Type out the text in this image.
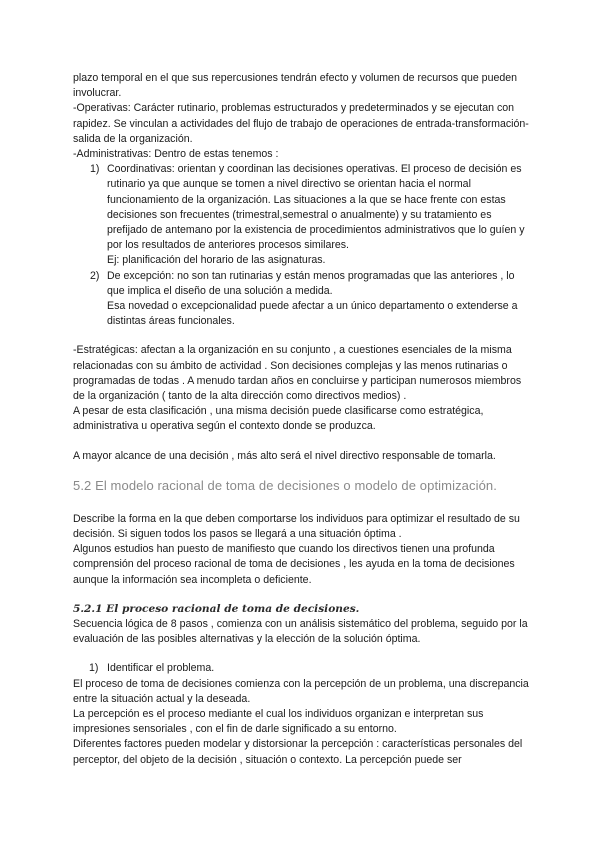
plazo temporal en el que sus repercusiones tendrán efecto y volumen de recursos que pueden involucrar.

-Operativas: Carácter rutinario, problemas estructurados y predeterminados y se ejecutan con rapidez. Se vinculan a actividades del flujo de trabajo de operaciones de entrada-transformación-salida de la organización.

-Administrativas: Dentro de estas tenemos :

1) Coordinativas: orientan y coordinan las decisiones operativas. El proceso de decisión es rutinario ya que aunque se tomen a nivel directivo se orientan hacia el normal funcionamiento de la organización. Las situaciones a la que se hace frente con estas decisiones son frecuentes (trimestral,semestral o anualmente) y su tratamiento es prefijado de antemano por la existencia de procedimientos administrativos que lo guíen y por los resultados de anteriores procesos similares.

Ej: planificación del horario de las asignaturas.

2) De excepción: no son tan rutinarias y están menos programadas que las anteriores , lo que implica el diseño de una solución a medida.

Esa novedad o excepcionalidad puede afectar a un único departamento o extenderse a distintas áreas funcionales.

-Estratégicas: afectan a la organización en su conjunto , a cuestiones esenciales de la misma relacionadas con su ámbito de actividad . Son decisiones complejas y las menos rutinarias o programadas de todas . A menudo tardan años en concluirse y participan numerosos miembros de la organización ( tanto de la alta dirección como directivos medios) .

A pesar de esta clasificación , una misma decisión puede clasificarse como estratégica, administrativa u operativa según el contexto donde se produzca.

A mayor alcance de una decisión , más alto será el nivel directivo responsable de tomarla.

5.2 El modelo racional de toma de decisiones o modelo de optimización.

Describe la forma en la que deben comportarse los individuos para optimizar el resultado de su decisión. Si siguen todos los pasos se llegará a una situación óptima .

Algunos estudios han puesto de manifiesto que cuando los directivos tienen una profunda comprensión del proceso racional de toma de decisiones , les ayuda en la toma de decisiones aunque la información sea incompleta o deficiente.

5.2.1 El proceso racional de toma de decisiones.

Secuencia lógica de 8 pasos , comienza con un análisis sistemático del problema, seguido por la evaluación de las posibles alternativas y la elección de la solución óptima.

1) Identificar el problema.

El proceso de toma de decisiones comienza con la percepción de un problema, una discrepancia entre la situación actual y la deseada.

La percepción es el proceso mediante el cual los individuos organizan e interpretan sus impresiones sensoriales , con el fin de darle significado a su entorno.

Diferentes factores pueden modelar y distorsionar la percepción : características personales del perceptor, del objeto de la decisión , situación o contexto. La percepción puede ser
